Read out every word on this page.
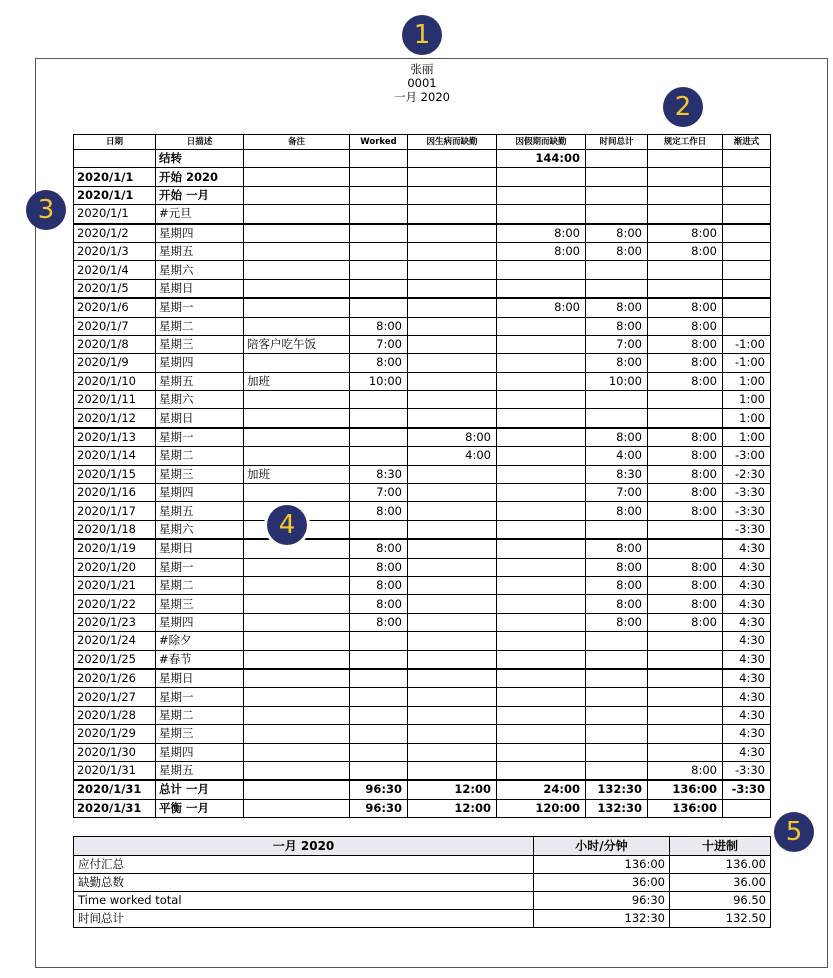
张丽
0001
一月 2020
日期	日描述	备注	Worked	因生病而缺勤	因假期而缺勤	时间总计	规定工作日	渐进式
	结转				144:00			
2020/1/1	开始 2020							
2020/1/1	开始 一月							
2020/1/1	#元旦							
2020/1/2	星期四				8:00	8:00	8:00	
2020/1/3	星期五				8:00	8:00	8:00	
2020/1/4	星期六							
2020/1/5	星期日							
2020/1/6	星期一				8:00	8:00	8:00	
2020/1/7	星期二		8:00			8:00	8:00	
2020/1/8	星期三	陪客户吃午饭	7:00			7:00	8:00	-1:00
2020/1/9	星期四		8:00			8:00	8:00	-1:00
2020/1/10	星期五	加班	10:00			10:00	8:00	1:00
2020/1/11	星期六							1:00
2020/1/12	星期日							1:00
2020/1/13	星期一			8:00		8:00	8:00	1:00
2020/1/14	星期二			4:00		4:00	8:00	-3:00
2020/1/15	星期三	加班	8:30			8:30	8:00	-2:30
2020/1/16	星期四		7:00			7:00	8:00	-3:30
2020/1/17	星期五		8:00			8:00	8:00	-3:30
2020/1/18	星期六							-3:30
2020/1/19	星期日		8:00			8:00		4:30
2020/1/20	星期一		8:00			8:00	8:00	4:30
2020/1/21	星期二		8:00			8:00	8:00	4:30
2020/1/22	星期三		8:00			8:00	8:00	4:30
2020/1/23	星期四		8:00			8:00	8:00	4:30
2020/1/24	#除夕							4:30
2020/1/25	#春节							4:30
2020/1/26	星期日							4:30
2020/1/27	星期一							4:30
2020/1/28	星期二							4:30
2020/1/29	星期三							4:30
2020/1/30	星期四							4:30
2020/1/31	星期五						8:00	-3:30
2020/1/31	总计 一月		96:30	12:00	24:00	132:30	136:00	-3:30
2020/1/31	平衡 一月		96:30	12:00	120:00	132:30	136:00	
一月 2020	小时/分钟	十进制
应付汇总	136:00	136.00
缺勤总数	36:00	36.00
Time worked total	96:30	96.50
时间总计	132:30	132.50
1
2
3
4
5
